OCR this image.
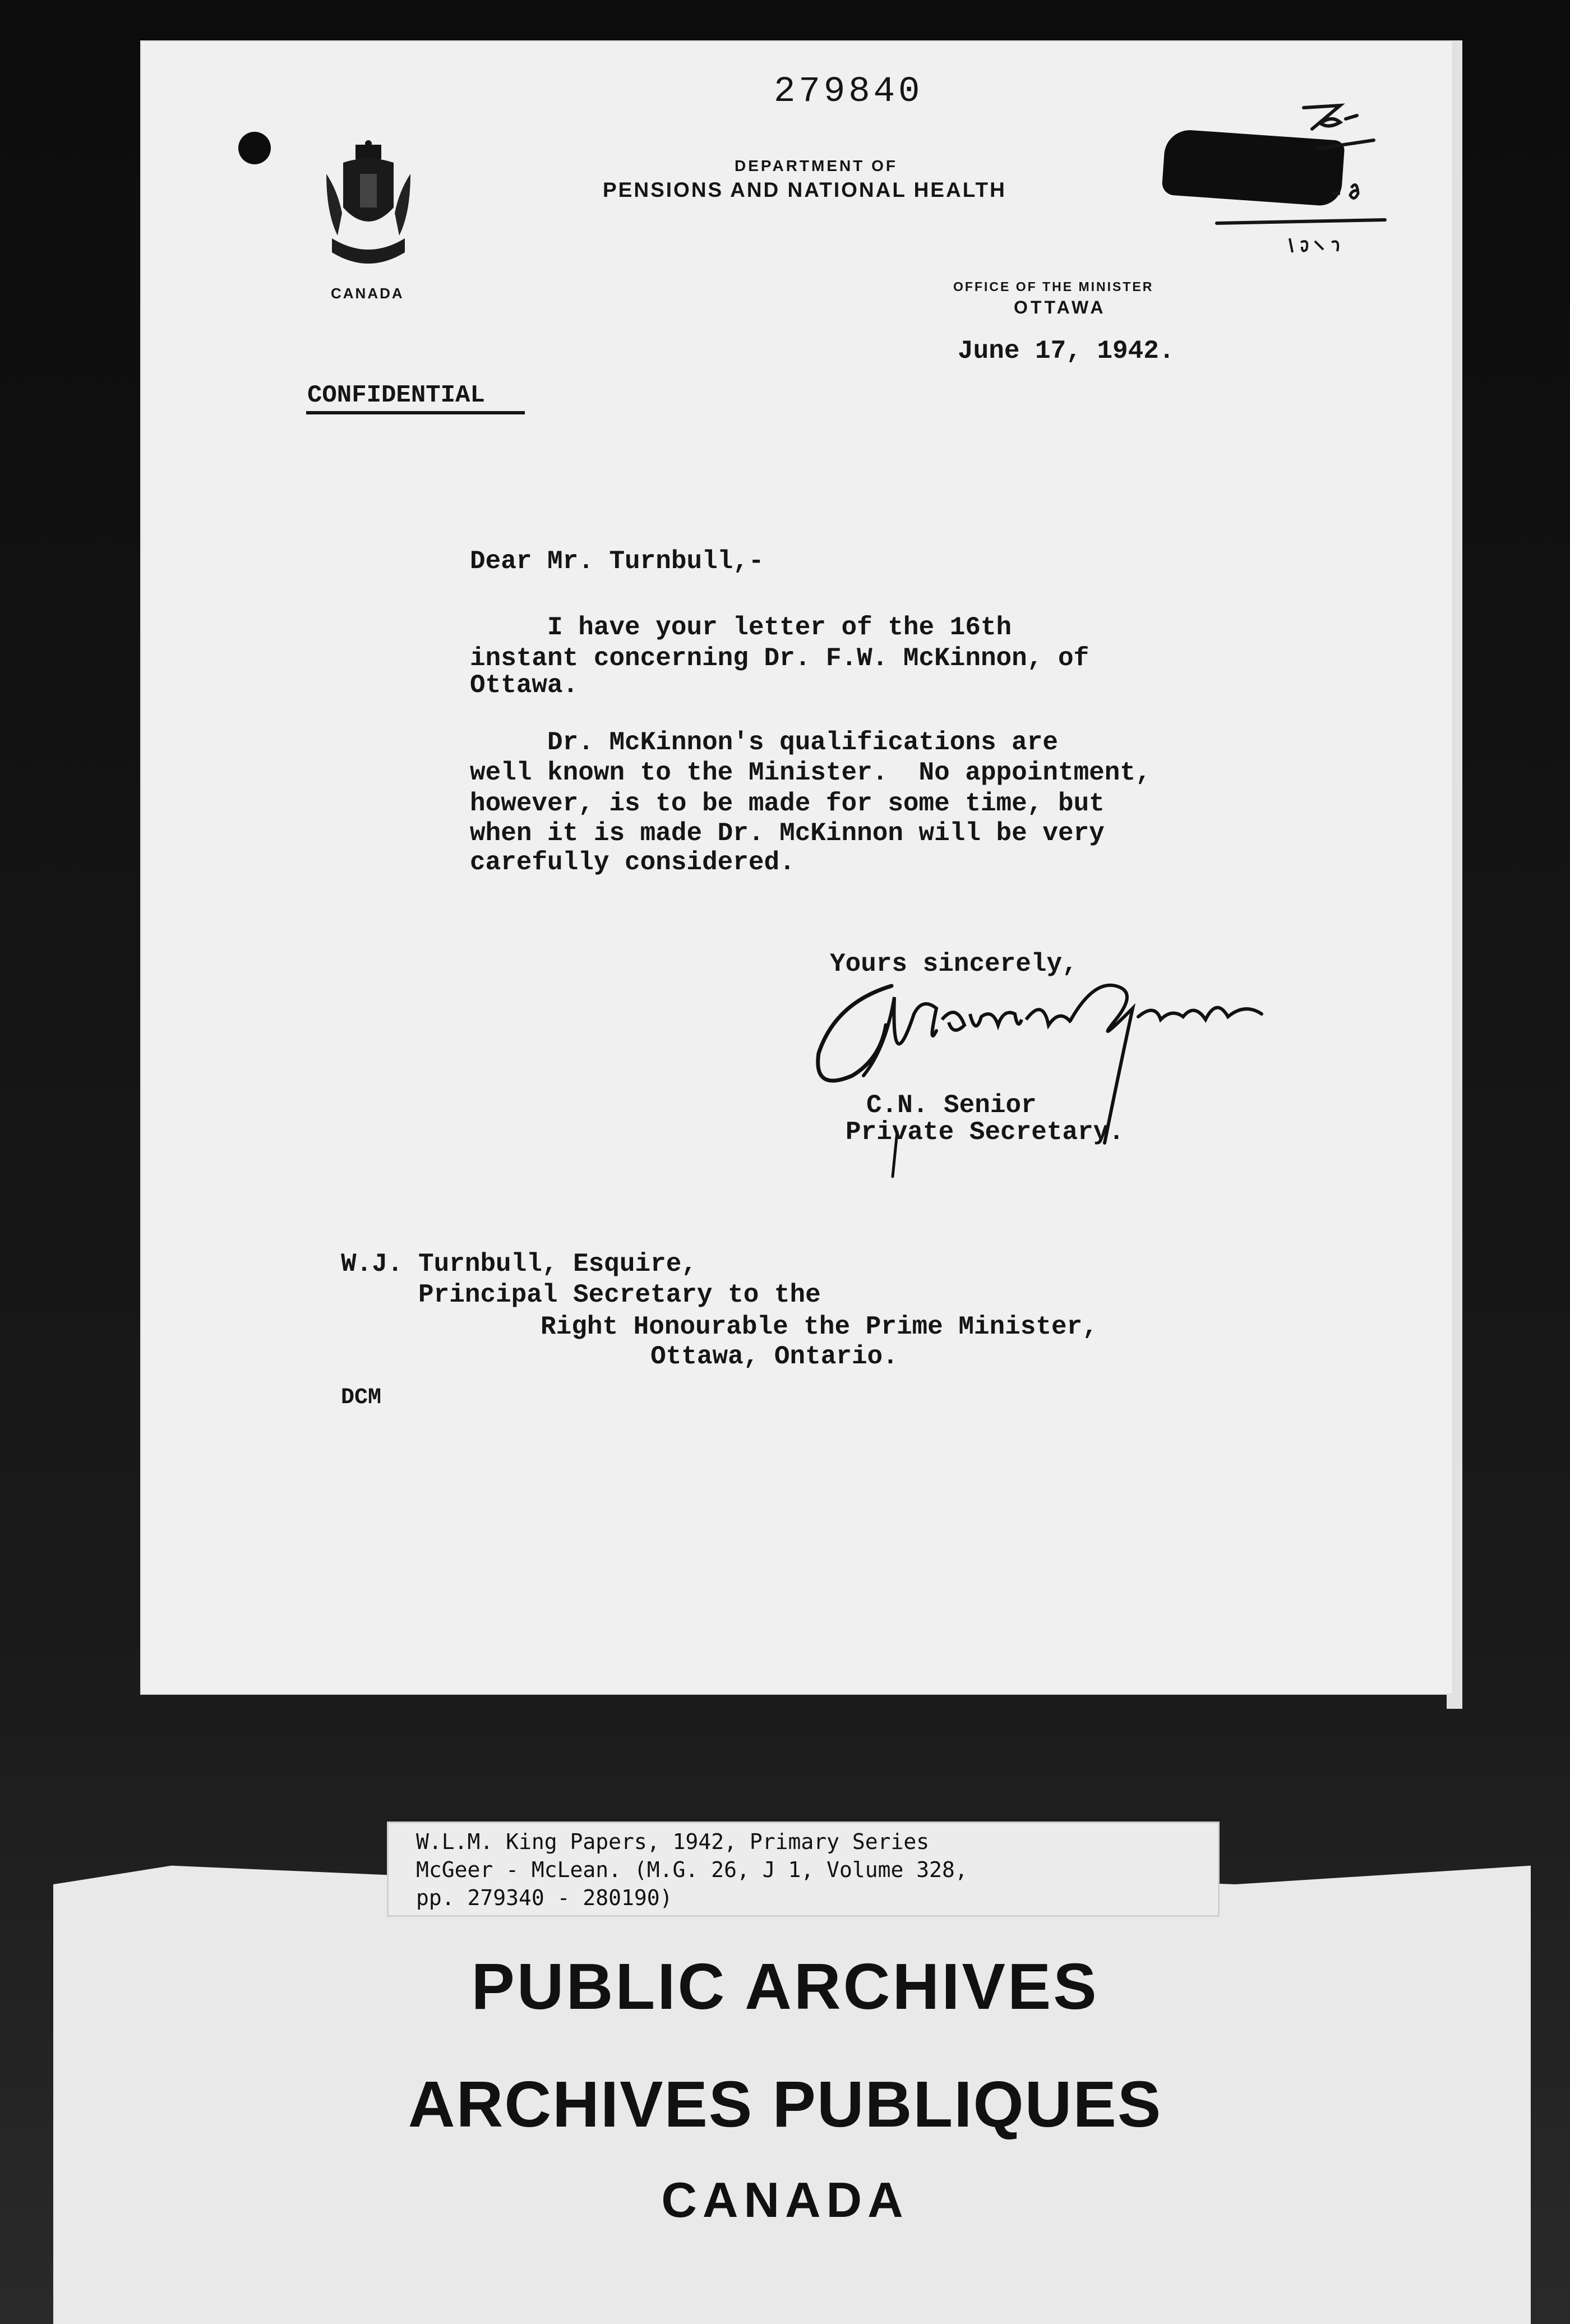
279840
CANADA
DEPARTMENT OF
PENSIONS AND NATIONAL HEALTH
OFFICE OF THE MINISTER
OTTAWA
June 17, 1942.
CONFIDENTIAL
Dear Mr. Turnbull,-
I have your letter of the 16th
instant concerning Dr. F.W. McKinnon, of
Ottawa.
Dr. McKinnon's qualifications are
well known to the Minister.  No appointment,
however, is to be made for some time, but
when it is made Dr. McKinnon will be very
carefully considered.
Yours sincerely,
C.N. Senior
Private Secretary.
W.J. Turnbull, Esquire,
Principal Secretary to the
Right Honourable the Prime Minister,
Ottawa, Ontario.
DCM
W.L.M. King Papers, 1942, Primary Series
McGeer - McLean. (M.G. 26, J 1, Volume 328,
pp. 279340 - 280190)
PUBLIC ARCHIVES
ARCHIVES PUBLIQUES
CANADA
